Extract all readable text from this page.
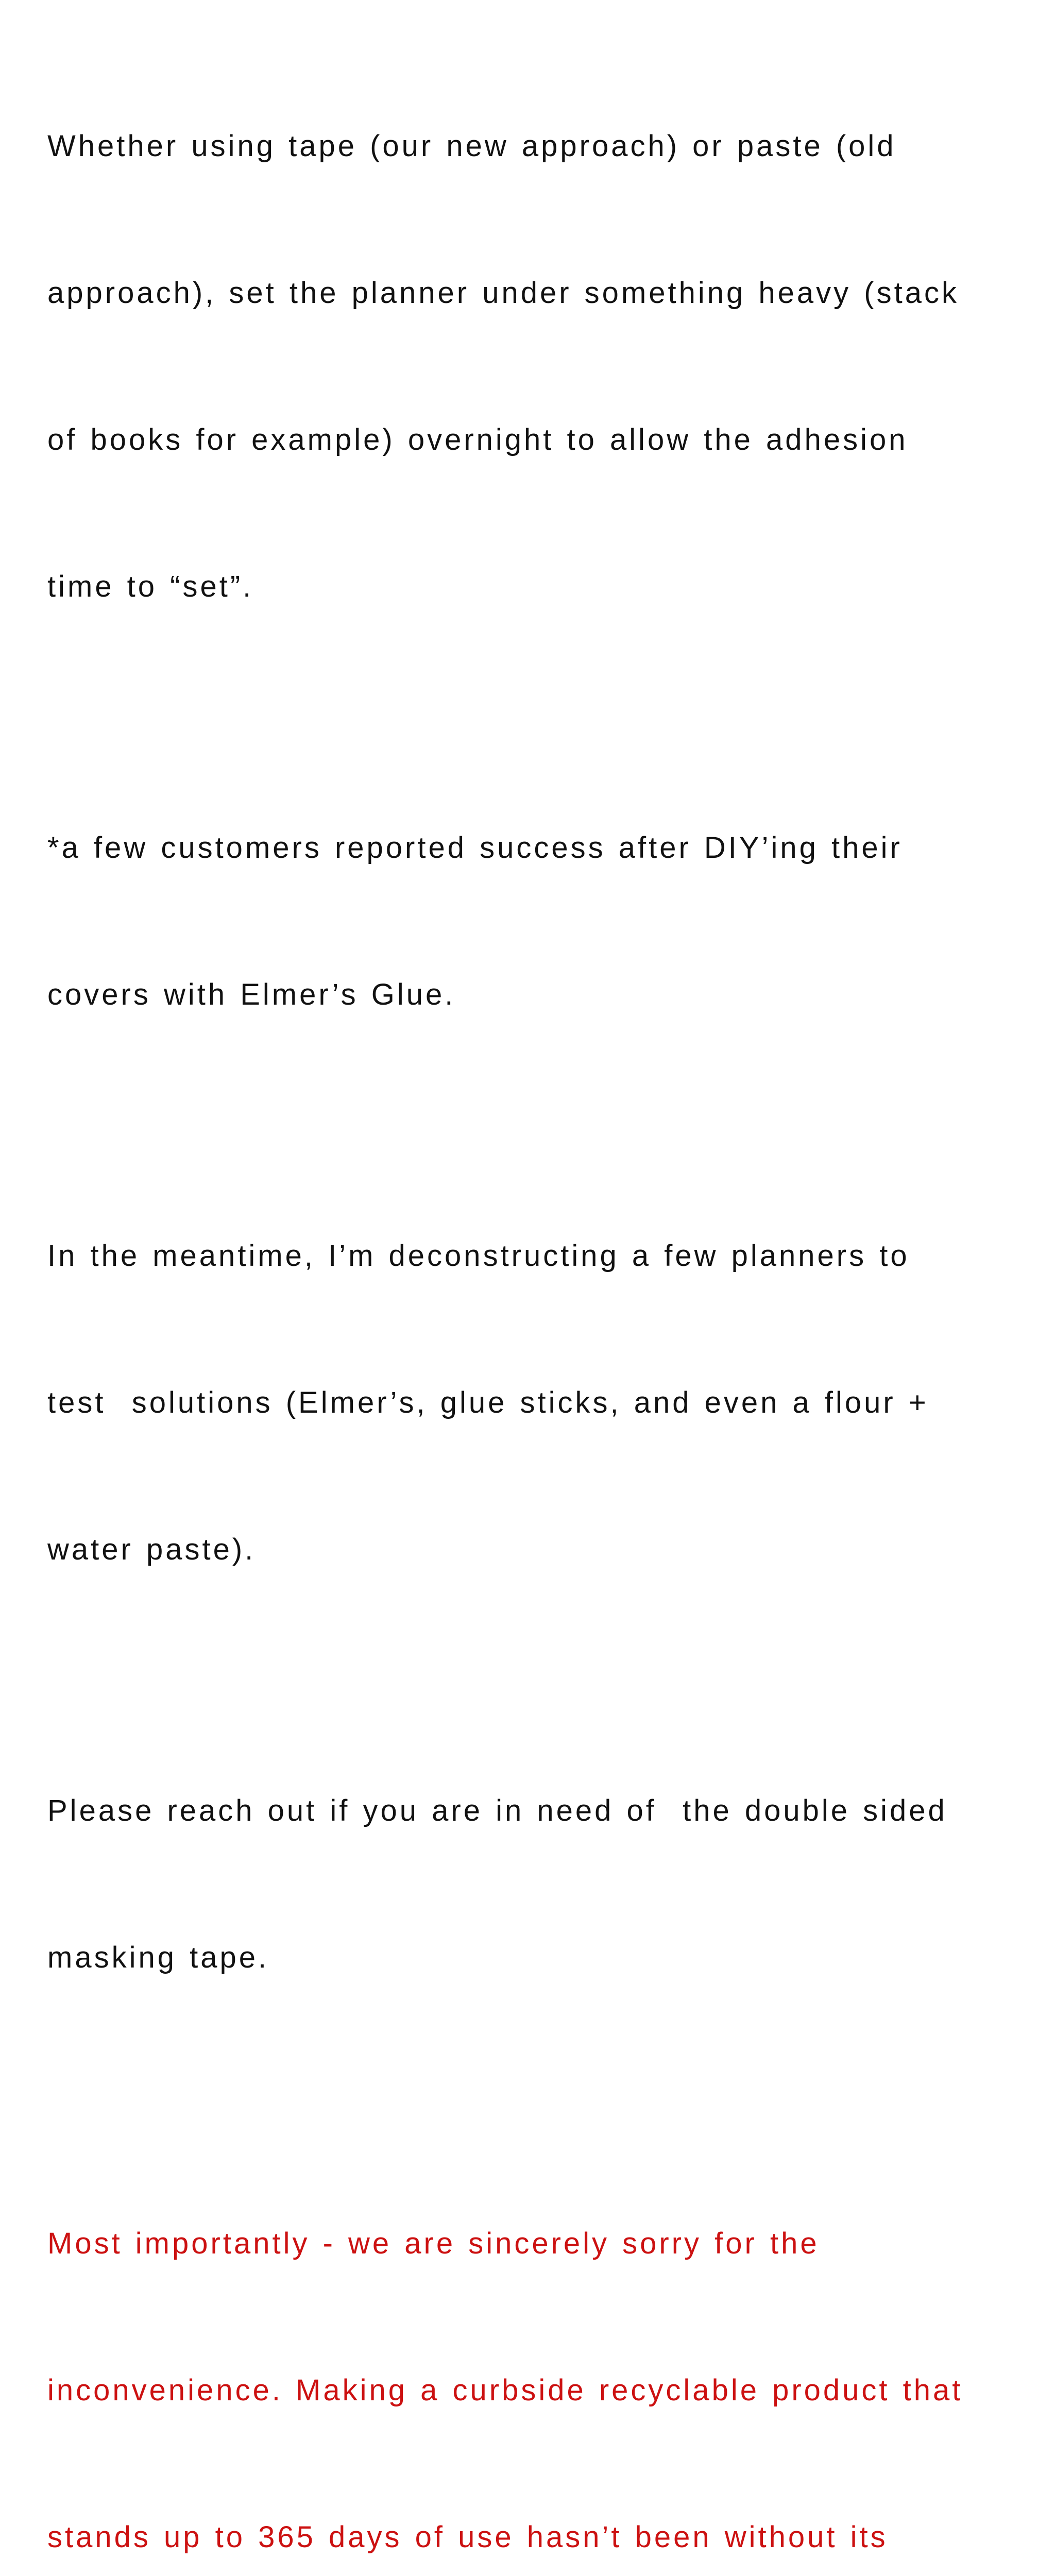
Whether using tape (our new approach) or paste (old

approach), set the planner under something heavy (stack

of books for example) overnight to allow the adhesion

time to “set”.

*a few customers reported success after DIY’ing their

covers with Elmer’s Glue.

In the meantime, I’m deconstructing a few planners to

test  solutions (Elmer’s, glue sticks, and even a flour +

water paste).

Please reach out if you are in need of  the double sided

masking tape.

Most importantly - we are sincerely sorry for the

inconvenience. Making a curbside recyclable product that

stands up to 365 days of use hasn’t been without its
